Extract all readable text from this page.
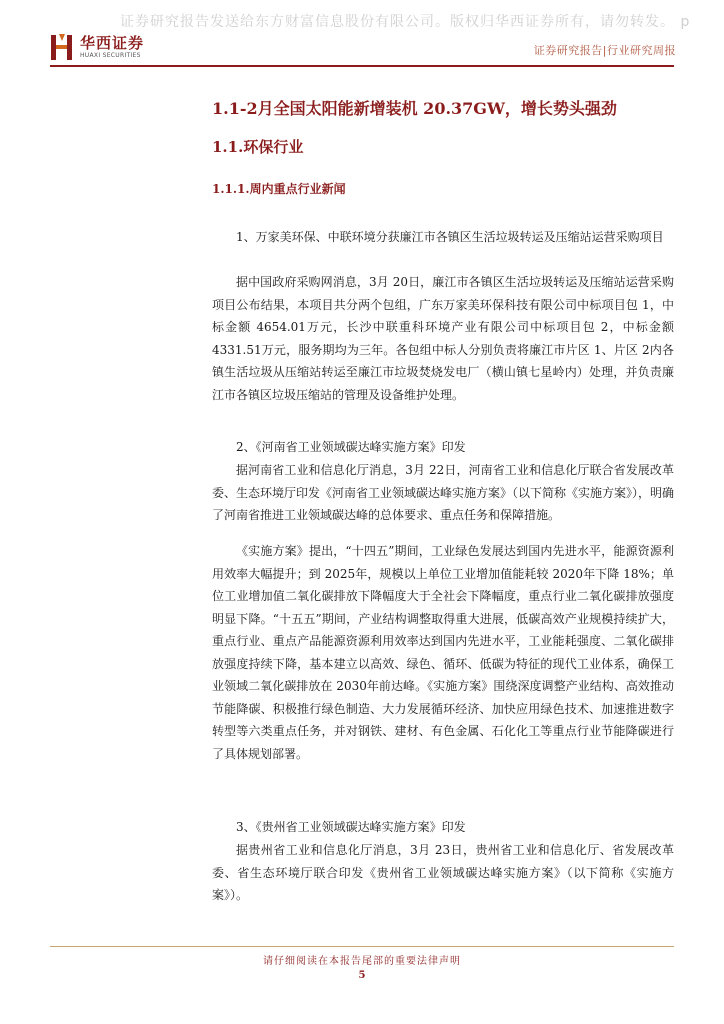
证券研究报告发送给东方财富信息股份有限公司。版权归华西证券所有，请勿转发。 p
华西证券
HUAXI SECURITIES	证券研究报告|行业研究周报
1.1-2月全国太阳能新增装机 20.37GW，增长势头强劲
1.1.环保行业
1.1.1.周内重点行业新闻
1、万家美环保、中联环境分获廉江市各镇区生活垃圾转运及压缩站运营采购项目
据中国政府采购网消息，3月 20日，廉江市各镇区生活垃圾转运及压缩站运营采购项目公布结果，本项目共分两个包组，广东万家美环保科技有限公司中标项目包 1，中标金额 4654.01万元，长沙中联重科环境产业有限公司中标项目包 2，中标金额 4331.51万元，服务期均为三年。各包组中标人分别负责将廉江市片区 1、片区 2内各镇生活垃圾从压缩站转运至廉江市垃圾焚烧发电厂（横山镇七星岭内）处理，并负责廉江市各镇区垃圾压缩站的管理及设备维护处理。
2、《河南省工业领域碳达峰实施方案》印发
据河南省工业和信息化厅消息，3月 22日，河南省工业和信息化厅联合省发展改革委、生态环境厅印发《河南省工业领域碳达峰实施方案》（以下简称《实施方案》），明确了河南省推进工业领域碳达峰的总体要求、重点任务和保障措施。
《实施方案》提出，“十四五”期间，工业绿色发展达到国内先进水平，能源资源利用效率大幅提升；到 2025年，规模以上单位工业增加值能耗较 2020年下降 18%；单位工业增加值二氧化碳排放下降幅度大于全社会下降幅度，重点行业二氧化碳排放强度明显下降。“十五五”期间，产业结构调整取得重大进展，低碳高效产业规模持续扩大，重点行业、重点产品能源资源利用效率达到国内先进水平，工业能耗强度、二氧化碳排放强度持续下降，基本建立以高效、绿色、循环、低碳为特征的现代工业体系，确保工业领域二氧化碳排放在 2030年前达峰。《实施方案》围绕深度调整产业结构、高效推动节能降碳、积极推行绿色制造、大力发展循环经济、加快应用绿色技术、加速推进数字转型等六类重点任务，并对钢铁、建材、有色金属、石化化工等重点行业节能降碳进行了具体规划部署。
3、《贵州省工业领域碳达峰实施方案》印发
据贵州省工业和信息化厅消息，3月 23日，贵州省工业和信息化厅、省发展改革委、省生态环境厅联合印发《贵州省工业领域碳达峰实施方案》（以下简称《实施方案》）。
请仔细阅读在本报告尾部的重要法律声明
5
